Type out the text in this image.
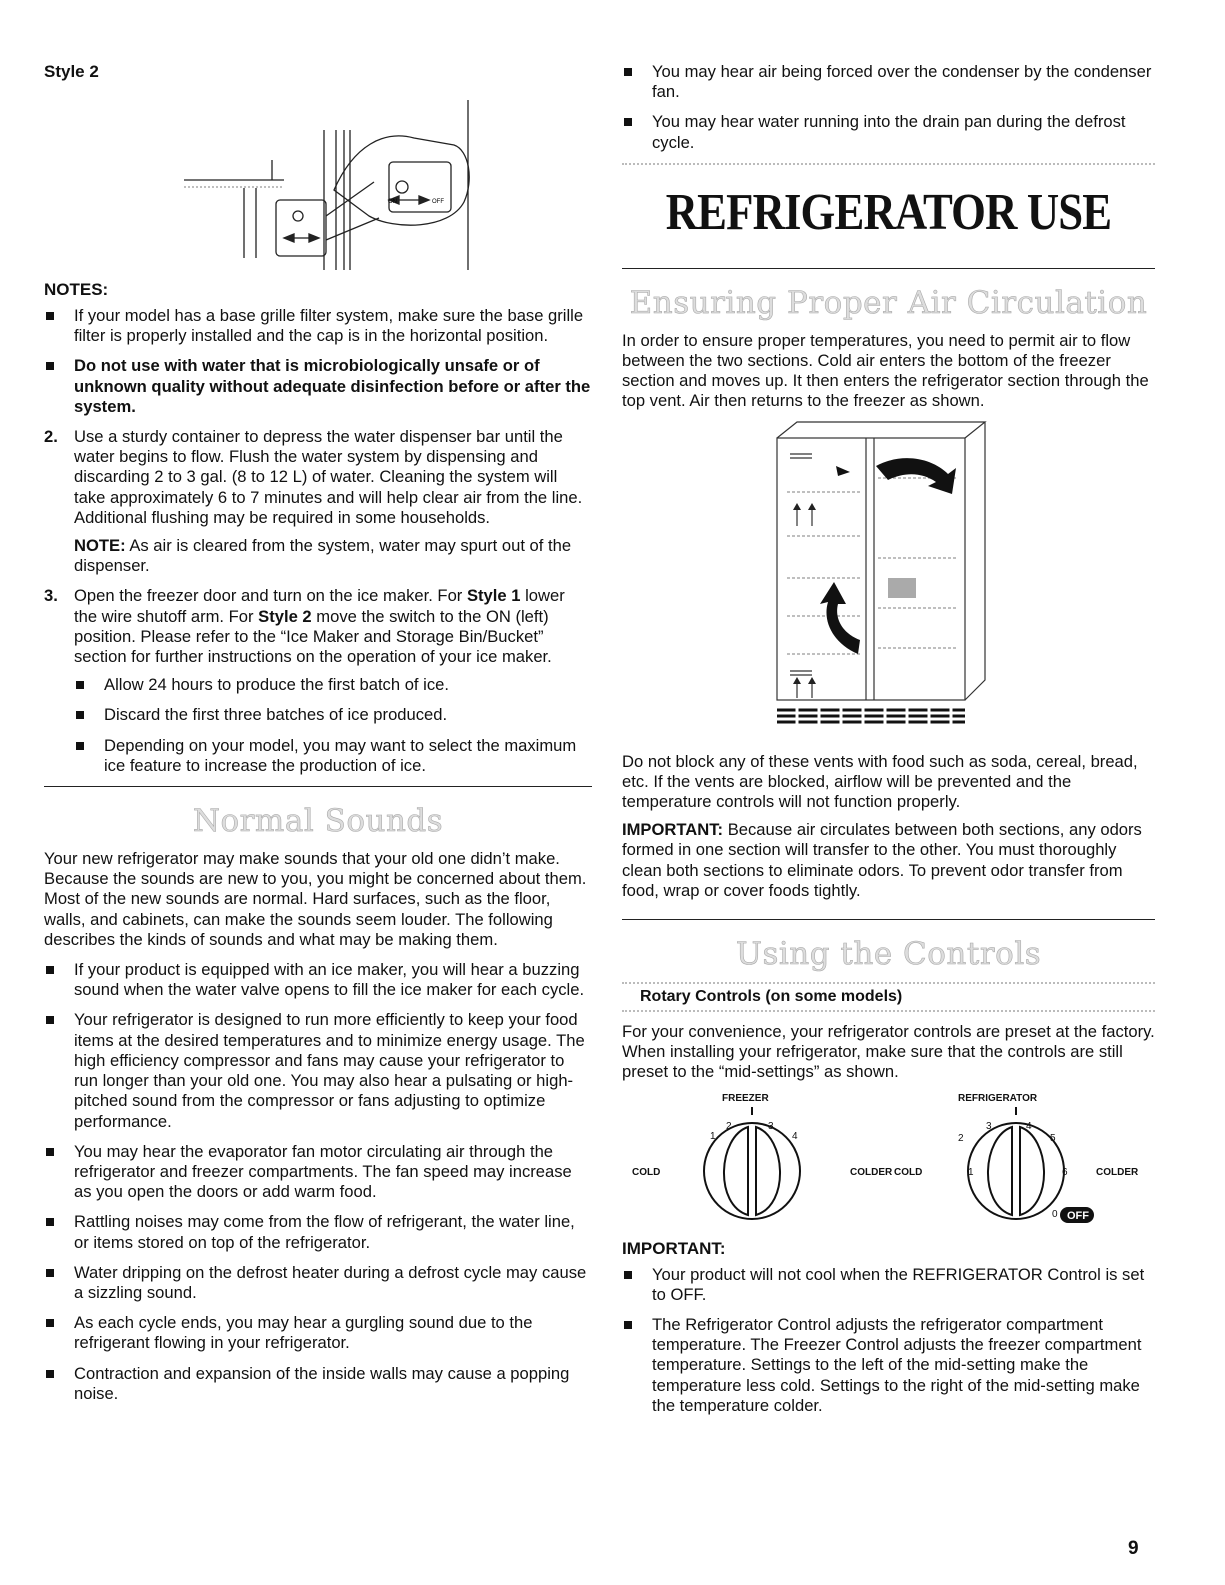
Style 2
ON	OFF
NOTES:
If your model has a base grille filter system, make sure the base grille filter is properly installed and the cap is in the horizontal position.
Do not use with water that is microbiologically unsafe or of unknown quality without adequate disinfection before or after the system.
2. Use a sturdy container to depress the water dispenser bar until the water begins to flow. Flush the water system by dispensing and discarding 2 to 3 gal. (8 to 12 L) of water. Cleaning the system will take approximately 6 to 7 minutes and will help clear air from the line. Additional flushing may be required in some households.

NOTE: As air is cleared from the system, water may spurt out of the dispenser.

3. Open the freezer door and turn on the ice maker. For Style 1 lower the wire shutoff arm. For Style 2 move the switch to the ON (left) position. Please refer to the “Ice Maker and Storage Bin/Bucket” section for further instructions on the operation of your ice maker.

Allow 24 hours to produce the first batch of ice.
Discard the first three batches of ice produced.
Depending on your model, you may want to select the maximum ice feature to increase the production of ice.
Normal Sounds

Your new refrigerator may make sounds that your old one didn’t make. Because the sounds are new to you, you might be concerned about them. Most of the new sounds are normal. Hard surfaces, such as the floor, walls, and cabinets, can make the sounds seem louder. The following describes the kinds of sounds and what may be making them.

If your product is equipped with an ice maker, you will hear a buzzing sound when the water valve opens to fill the ice maker for each cycle.
Your refrigerator is designed to run more efficiently to keep your food items at the desired temperatures and to minimize energy usage. The high efficiency compressor and fans may cause your refrigerator to run longer than your old one. You may also hear a pulsating or high-pitched sound from the compressor or fans adjusting to optimize performance.
You may hear the evaporator fan motor circulating air through the refrigerator and freezer compartments. The fan speed may increase as you open the doors or add warm food.
Rattling noises may come from the flow of refrigerant, the water line, or items stored on top of the refrigerator.
Water dripping on the defrost heater during a defrost cycle may cause a sizzling sound.
As each cycle ends, you may hear a gurgling sound due to the refrigerant flowing in your refrigerator.
Contraction and expansion of the inside walls may cause a popping noise.
You may hear air being forced over the condenser by the condenser fan.
You may hear water running into the drain pan during the defrost cycle.
REFRIGERATOR USE
Ensuring Proper Air Circulation

In order to ensure proper temperatures, you need to permit air to flow between the two sections. Cold air enters the bottom of the freezer section and moves up. It then enters the refrigerator section through the top vent. Air then returns to the freezer as shown.

Do not block any of these vents with food such as soda, cereal, bread, etc. If the vents are blocked, airflow will be prevented and the temperature controls will not function properly.

IMPORTANT: Because air circulates between both sections, any odors formed in one section will transfer to the other. You must thoroughly clean both sections to eliminate odors. To prevent odor transfer from food, wrap or cover foods tightly.

Using the Controls
Rotary Controls (on some models)

For your convenience, your refrigerator controls are preset at the factory. When installing your refrigerator, make sure that the controls are still preset to the “mid-settings” as shown.

FREEZER	REFRIGERATOR
COLD	COLDER COLD	COLDER
1
2	3
4
1
2
3	4
5
6
0 OFF
IMPORTANT:
Your product will not cool when the REFRIGERATOR Control is set to OFF.
The Refrigerator Control adjusts the refrigerator compartment temperature. The Freezer Control adjusts the freezer compartment temperature. Settings to the left of the mid-setting make the temperature less cold. Settings to the right of the mid-setting make the temperature colder.
9
